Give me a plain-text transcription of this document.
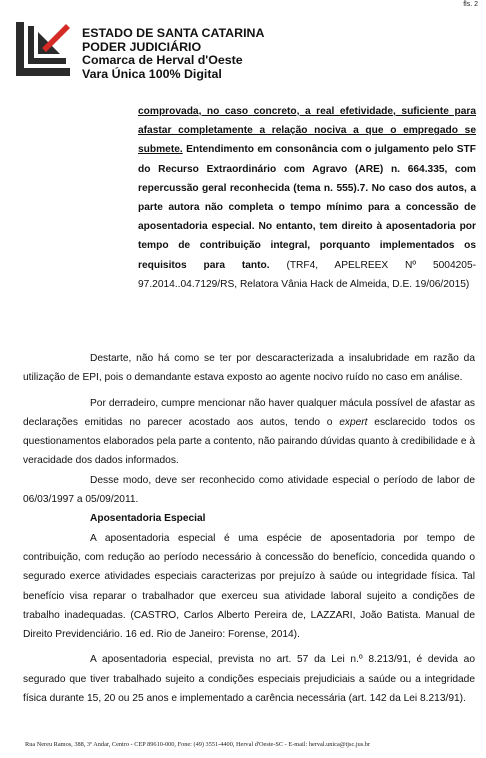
fls. 2
ESTADO DE SANTA CATARINA
PODER JUDICIÁRIO
Comarca de Herval d'Oeste
Vara Única 100% Digital
comprovada, no caso concreto, a real efetividade, suficiente para afastar completamente a relação nociva a que o empregado se submete. Entendimento em consonância com o julgamento pelo STF do Recurso Extraordinário com Agravo (ARE) n. 664.335, com repercussão geral reconhecida (tema n. 555).7. No caso dos autos, a parte autora não completa o tempo mínimo para a concessão de aposentadoria especial. No entanto, tem direito à aposentadoria por tempo de contribuição integral, porquanto implementados os requisitos para tanto. (TRF4, APELREEX Nº 5004205-97.2014..04.7129/RS, Relatora Vânia Hack de Almeida, D.E. 19/06/2015)

Destarte, não há como se ter por descaracterizada a insalubridade em razão da utilização de EPI, pois o demandante estava exposto ao agente nocivo ruído no caso em análise.

Por derradeiro, cumpre mencionar não haver qualquer mácula possível de afastar as declarações emitidas no parecer acostado aos autos, tendo o expert esclarecido todos os questionamentos elaborados pela parte a contento, não pairando dúvidas quanto à credibilidade e à veracidade dos dados informados.

Desse modo, deve ser reconhecido como atividade especial o período de labor de 06/03/1997 a 05/09/2011.

Aposentadoria Especial

A aposentadoria especial é uma espécie de aposentadoria por tempo de contribuição, com redução ao período necessário à concessão do benefício, concedida quando o segurado exerce atividades especiais caracterizas por prejuízo à saúde ou integridade física. Tal benefício visa reparar o trabalhador que exerceu sua atividade laboral sujeito a condições de trabalho inadequadas. (CASTRO, Carlos Alberto Pereira de, LAZZARI, João Batista. Manual de Direito Previdenciário. 16 ed. Rio de Janeiro: Forense, 2014).

A aposentadoria especial, prevista no art. 57 da Lei n.º 8.213/91, é devida ao segurado que tiver trabalhado sujeito a condições especiais prejudiciais a saúde ou a integridade física durante 15, 20 ou 25 anos e implementado a carência necessária (art. 142 da Lei 8.213/91).

Rua Nereu Ramos, 388, 3º Andar, Centro - CEP 89610-000, Fone: (49) 3551-4400, Herval d'Oeste-SC - E-mail: herval.unica@tjsc.jus.br
